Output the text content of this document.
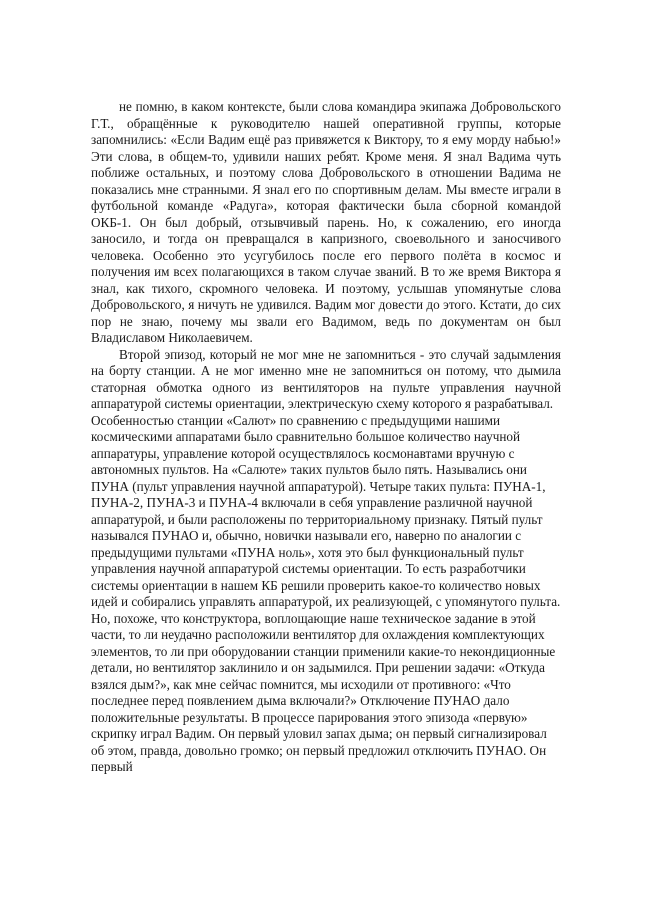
не помню, в каком контексте, были слова командира экипажа Добровольского Г.Т., обращённые к руководителю нашей оперативной группы, которые запомнились: «Если Вадим ещё раз привяжется к Виктору, то я ему морду набью!» Эти слова, в общем-то, удивили наших ребят. Кроме меня. Я знал Вадима чуть поближе остальных, и поэтому слова Добровольского в отношении Вадима не показались мне странными. Я знал его по спортивным делам. Мы вместе играли в футбольной команде «Радуга», которая фактически была сборной командой ОКБ-1. Он был добрый, отзывчивый парень. Но, к сожалению, его иногда заносило, и тогда он превращался в капризного, своевольного и заносчивого человека. Особенно это усугубилось после его первого полёта в космос и получения им всех полагающихся в таком случае званий. В то же время Виктора я знал, как тихого, скромного человека. И поэтому, услышав упомянутые слова Добровольского, я ничуть не удивился. Вадим мог довести до этого. Кстати, до сих пор не знаю, почему мы звали его Вадимом, ведь по документам он был Владиславом Николаевичем.

Второй эпизод, который не мог мне не запомниться - это случай задымления на борту станции. А не мог именно мне не запомниться он потому, что дымила статорная обмотка одного из вентиляторов на пульте управления научной аппаратурой системы ориентации, электрическую схему которого я разрабатывал.

Особенностью станции «Салют» по сравнению с предыдущими нашими космическими аппаратами было сравнительно большое количество научной аппаратуры, управление которой осуществлялось космонавтами вручную с автономных пультов. На «Салюте» таких пультов было пять. Назывались они ПУНА (пульт управления научной аппаратурой). Четыре таких пульта: ПУНА-1, ПУНА-2, ПУНА-3 и ПУНА-4 включали в себя управление различной научной аппаратурой, и были расположены по территориальному признаку. Пятый пульт назывался ПУНАО и, обычно, новички называли его, наверно по аналогии с предыдущими пультами «ПУНА ноль», хотя это был функциональный пульт управления научной аппаратурой системы ориентации. То есть разработчики системы ориентации в нашем КБ решили проверить какое-то количество новых идей и собирались управлять аппаратурой, их реализующей, с упомянутого пульта. Но, похоже, что конструктора, воплощающие наше техническое задание в этой части, то ли неудачно расположили вентилятор для охлаждения комплектующих элементов, то ли при оборудовании станции применили какие-то некондиционные детали, но вентилятор заклинило и он задымился. При решении задачи: «Откуда взялся дым?», как мне сейчас помнится, мы исходили от противного: «Что последнее перед появлением дыма включали?» Отключение ПУНАО дало положительные результаты. В процессе парирования этого эпизода «первую» скрипку играл Вадим. Он первый уловил запах дыма; он первый сигнализировал об этом, правда, довольно громко; он первый предложил отключить ПУНАО. Он первый
